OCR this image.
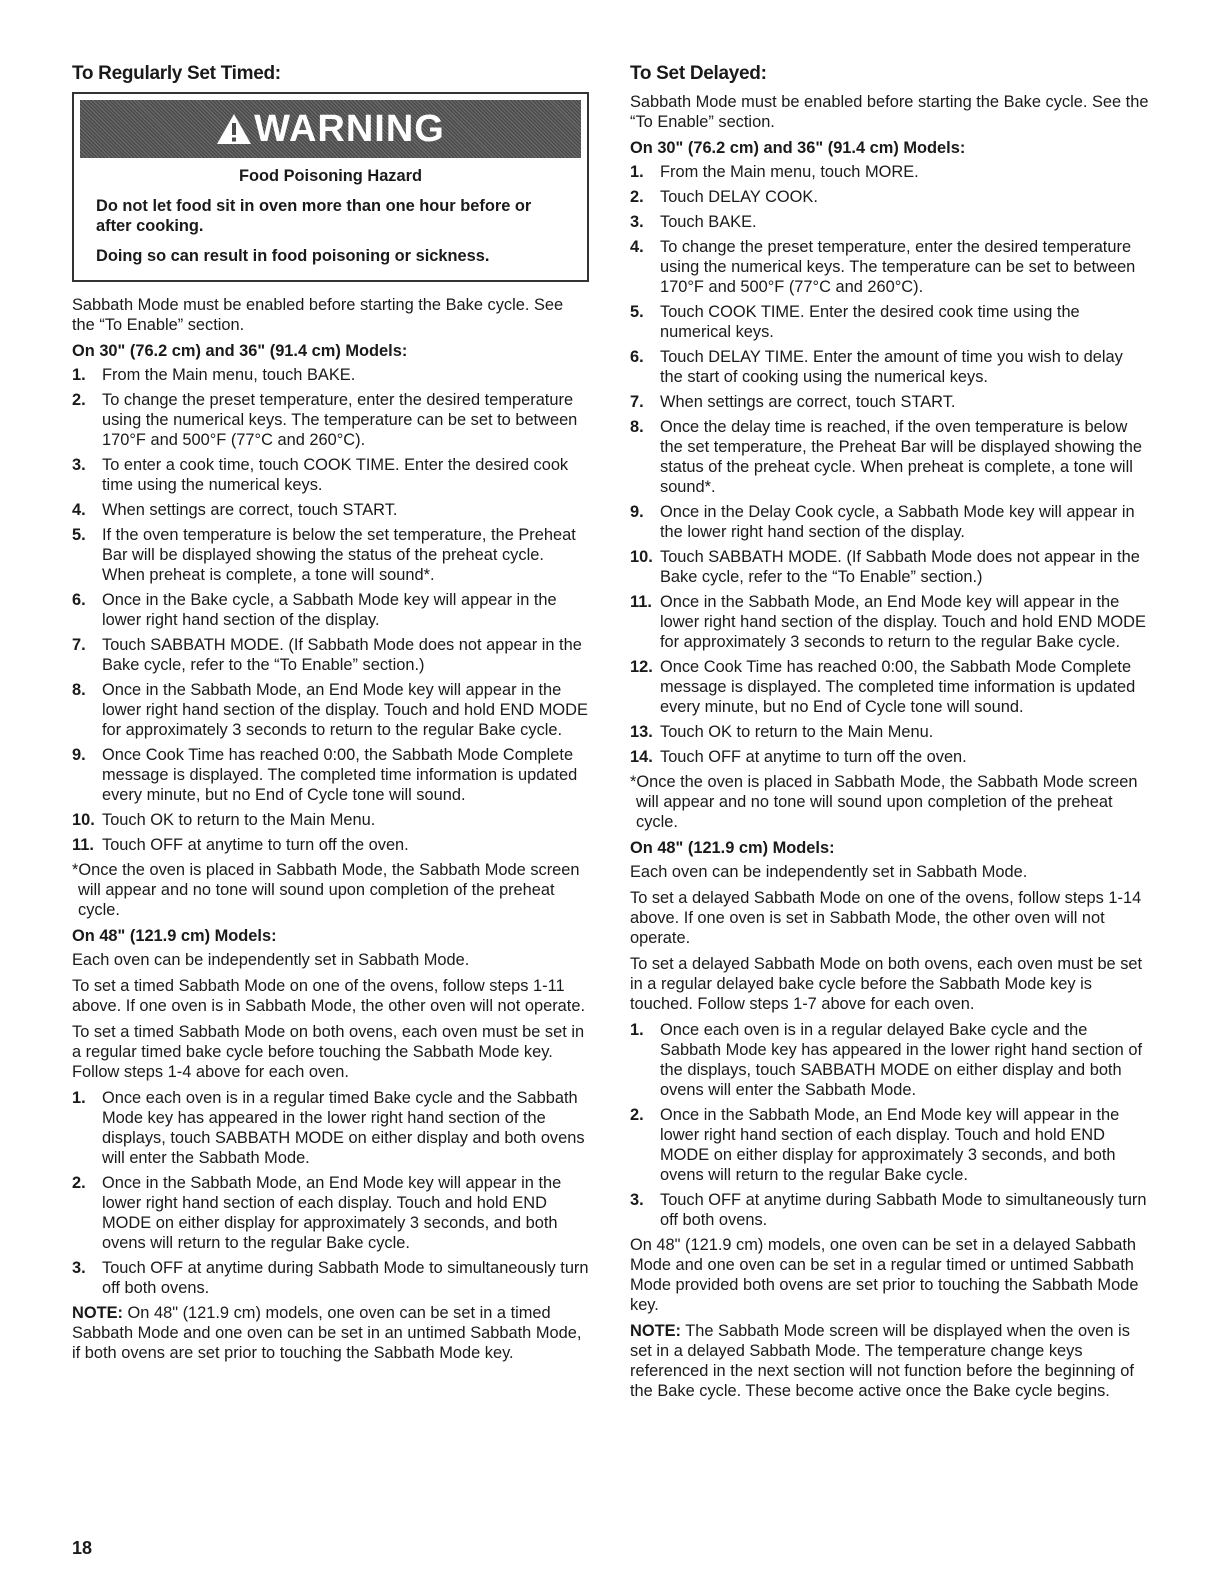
To Regularly Set Timed:
WARNING
Food Poisoning Hazard
Do not let food sit in oven more than one hour before or after cooking.
Doing so can result in food poisoning or sickness.

Sabbath Mode must be enabled before starting the Bake cycle. See the “To Enable” section.

On 30" (76.2 cm) and 36" (91.4 cm) Models:
1. From the Main menu, touch BAKE.
2. To change the preset temperature, enter the desired temperature using the numerical keys. The temperature can be set to between 170°F and 500°F (77°C and 260°C).
3. To enter a cook time, touch COOK TIME. Enter the desired cook time using the numerical keys.
4. When settings are correct, touch START.
5. If the oven temperature is below the set temperature, the Preheat Bar will be displayed showing the status of the preheat cycle. When preheat is complete, a tone will sound*.
6. Once in the Bake cycle, a Sabbath Mode key will appear in the lower right hand section of the display.
7. Touch SABBATH MODE. (If Sabbath Mode does not appear in the Bake cycle, refer to the “To Enable” section.)
8. Once in the Sabbath Mode, an End Mode key will appear in the lower right hand section of the display. Touch and hold END MODE for approximately 3 seconds to return to the regular Bake cycle.
9. Once Cook Time has reached 0:00, the Sabbath Mode Complete message is displayed. The completed time information is updated every minute, but no End of Cycle tone will sound.
10. Touch OK to return to the Main Menu.
11. Touch OFF at anytime to turn off the oven.

*Once the oven is placed in Sabbath Mode, the Sabbath Mode screen will appear and no tone will sound upon completion of the preheat cycle.

On 48" (121.9 cm) Models:

Each oven can be independently set in Sabbath Mode.

To set a timed Sabbath Mode on one of the ovens, follow steps 1-11 above. If one oven is in Sabbath Mode, the other oven will not operate.

To set a timed Sabbath Mode on both ovens, each oven must be set in a regular timed bake cycle before touching the Sabbath Mode key. Follow steps 1-4 above for each oven.

1. Once each oven is in a regular timed Bake cycle and the Sabbath Mode key has appeared in the lower right hand section of the displays, touch SABBATH MODE on either display and both ovens will enter the Sabbath Mode.
2. Once in the Sabbath Mode, an End Mode key will appear in the lower right hand section of each display. Touch and hold END MODE on either display for approximately 3 seconds, and both ovens will return to the regular Bake cycle.
3. Touch OFF at anytime during Sabbath Mode to simultaneously turn off both ovens.

NOTE: On 48" (121.9 cm) models, one oven can be set in a timed Sabbath Mode and one oven can be set in an untimed Sabbath Mode, if both ovens are set prior to touching the Sabbath Mode key.

To Set Delayed:

Sabbath Mode must be enabled before starting the Bake cycle. See the “To Enable” section.

On 30" (76.2 cm) and 36" (91.4 cm) Models:
1. From the Main menu, touch MORE.
2. Touch DELAY COOK.
3. Touch BAKE.
4. To change the preset temperature, enter the desired temperature using the numerical keys. The temperature can be set to between 170°F and 500°F (77°C and 260°C).
5. Touch COOK TIME. Enter the desired cook time using the numerical keys.
6. Touch DELAY TIME. Enter the amount of time you wish to delay the start of cooking using the numerical keys.
7. When settings are correct, touch START.
8. Once the delay time is reached, if the oven temperature is below the set temperature, the Preheat Bar will be displayed showing the status of the preheat cycle. When preheat is complete, a tone will sound*.
9. Once in the Delay Cook cycle, a Sabbath Mode key will appear in the lower right hand section of the display.
10. Touch SABBATH MODE. (If Sabbath Mode does not appear in the Bake cycle, refer to the “To Enable” section.)
11. Once in the Sabbath Mode, an End Mode key will appear in the lower right hand section of the display. Touch and hold END MODE for approximately 3 seconds to return to the regular Bake cycle.
12. Once Cook Time has reached 0:00, the Sabbath Mode Complete message is displayed. The completed time information is updated every minute, but no End of Cycle tone will sound.
13. Touch OK to return to the Main Menu.
14. Touch OFF at anytime to turn off the oven.

*Once the oven is placed in Sabbath Mode, the Sabbath Mode screen will appear and no tone will sound upon completion of the preheat cycle.

On 48" (121.9 cm) Models:

Each oven can be independently set in Sabbath Mode.

To set a delayed Sabbath Mode on one of the ovens, follow steps 1-14 above. If one oven is set in Sabbath Mode, the other oven will not operate.

To set a delayed Sabbath Mode on both ovens, each oven must be set in a regular delayed bake cycle before the Sabbath Mode key is touched. Follow steps 1-7 above for each oven.

1. Once each oven is in a regular delayed Bake cycle and the Sabbath Mode key has appeared in the lower right hand section of the displays, touch SABBATH MODE on either display and both ovens will enter the Sabbath Mode.
2. Once in the Sabbath Mode, an End Mode key will appear in the lower right hand section of each display. Touch and hold END MODE on either display for approximately 3 seconds, and both ovens will return to the regular Bake cycle.
3. Touch OFF at anytime during Sabbath Mode to simultaneously turn off both ovens.

On 48" (121.9 cm) models, one oven can be set in a delayed Sabbath Mode and one oven can be set in a regular timed or untimed Sabbath Mode provided both ovens are set prior to touching the Sabbath Mode key.

NOTE: The Sabbath Mode screen will be displayed when the oven is set in a delayed Sabbath Mode. The temperature change keys referenced in the next section will not function before the beginning of the Bake cycle. These become active once the Bake cycle begins.

18
